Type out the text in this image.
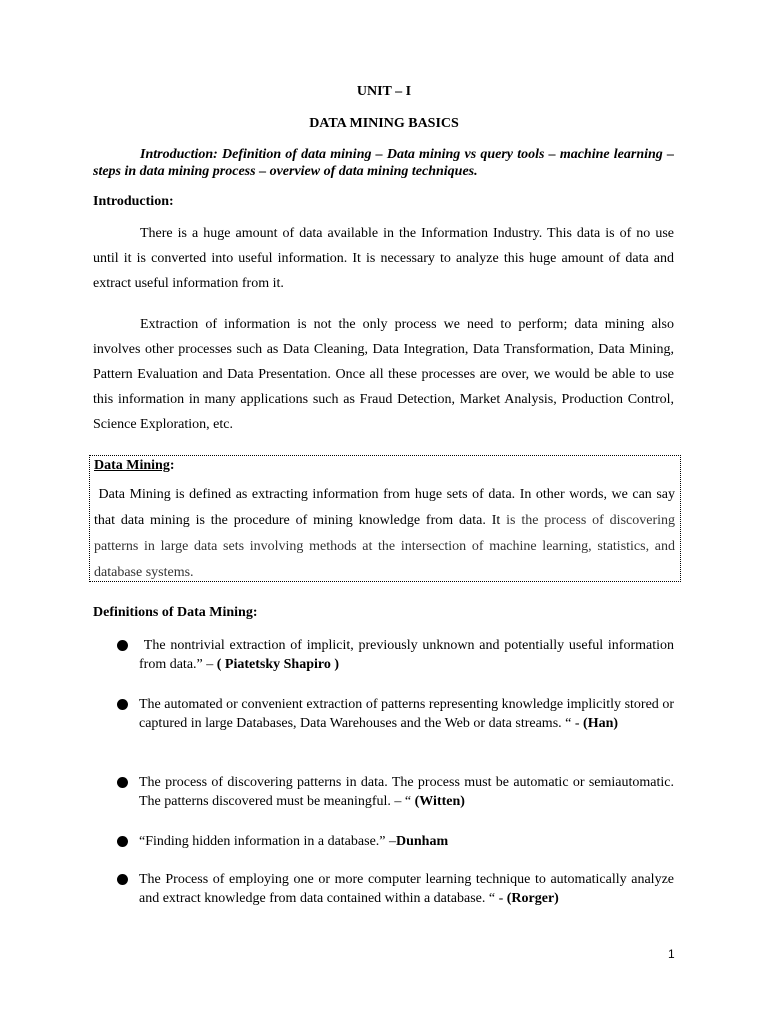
UNIT – I
DATA MINING BASICS
Introduction: Definition of data mining – Data mining vs query tools – machine learning – steps in data mining process – overview of data mining techniques.
Introduction:
There is a huge amount of data available in the Information Industry. This data is of no use until it is converted into useful information. It is necessary to analyze this huge amount of data and extract useful information from it.
Extraction of information is not the only process we need to perform; data mining also involves other processes such as Data Cleaning, Data Integration, Data Transformation, Data Mining, Pattern Evaluation and Data Presentation. Once all these processes are over, we would be able to use this information in many applications such as Fraud Detection, Market Analysis, Production Control, Science Exploration, etc.
Data Mining:
Data Mining is defined as extracting information from huge sets of data. In other words, we can say that data mining is the procedure of mining knowledge from data. It is the process of discovering patterns in large data sets involving methods at the intersection of machine learning, statistics, and database systems.
Definitions of Data Mining:
The nontrivial extraction of implicit, previously unknown and potentially useful information from data.” – ( Piatetsky Shapiro )
The automated or convenient extraction of patterns representing knowledge implicitly stored or captured in large Databases, Data Warehouses and the Web or data streams. “ - (Han)
The process of discovering patterns in data. The process must be automatic or semiautomatic. The patterns discovered must be meaningful. – “ (Witten)
“Finding hidden information in a database.” –Dunham
The Process of employing one or more computer learning technique to automatically analyze and extract knowledge from data contained within a database. “ - (Rorger)
1
